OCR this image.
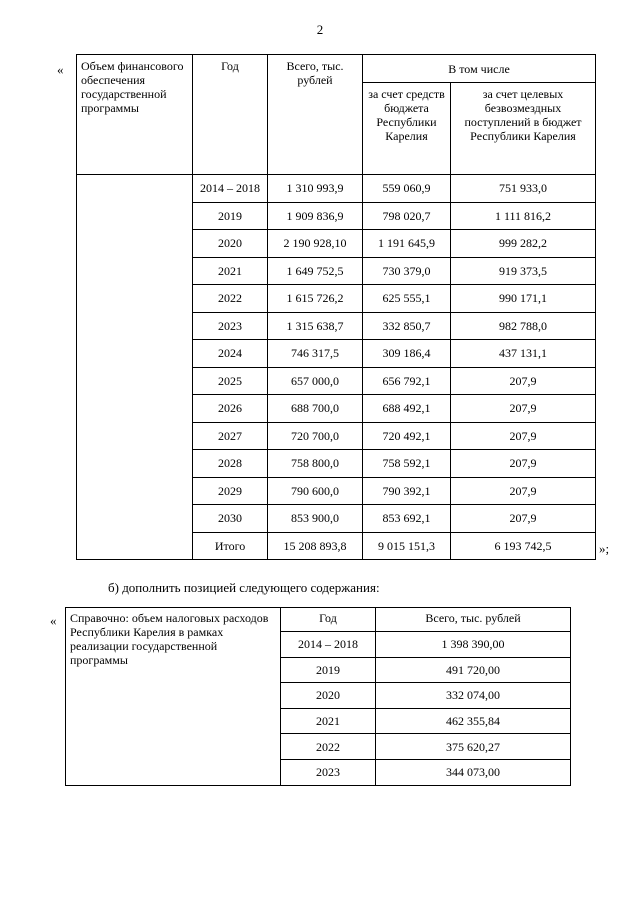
2
« Объем финансового обеспечения государственной программы	Год	Всего, тыс. рублей	В том числе	
			за счет средств бюджета Республики Карелия	за счет целевых безвозмездных поступлений в бюджет Республики Карелия
	2014 – 2018	1 310 993,9	559 060,9	751 933,0
	2019	1 909 836,9	798 020,7	1 111 816,2
	2020	2 190 928,10	1 191 645,9	999 282,2
	2021	1 649 752,5	730 379,0	919 373,5
	2022	1 615 726,2	625 555,1	990 171,1
	2023	1 315 638,7	332 850,7	982 788,0
	2024	746 317,5	309 186,4	437 131,1
	2025	657 000,0	656 792,1	207,9
	2026	688 700,0	688 492,1	207,9
	2027	720 700,0	720 492,1	207,9
	2028	758 800,0	758 592,1	207,9
	2029	790 600,0	790 392,1	207,9
	2030	853 900,0	853 692,1	207,9
	Итого	15 208 893,8	9 015 151,3	6 193 742,5	»;
б) дополнить позицией следующего содержания:
« Справочно: объем налоговых расходов Республики Карелия в рамках реализации государственной программы	Год	Всего, тыс. рублей
	2014 – 2018	1 398 390,00
	2019	491 720,00
	2020	332 074,00
	2021	462 355,84
	2022	375 620,27
	2023	344 073,00
